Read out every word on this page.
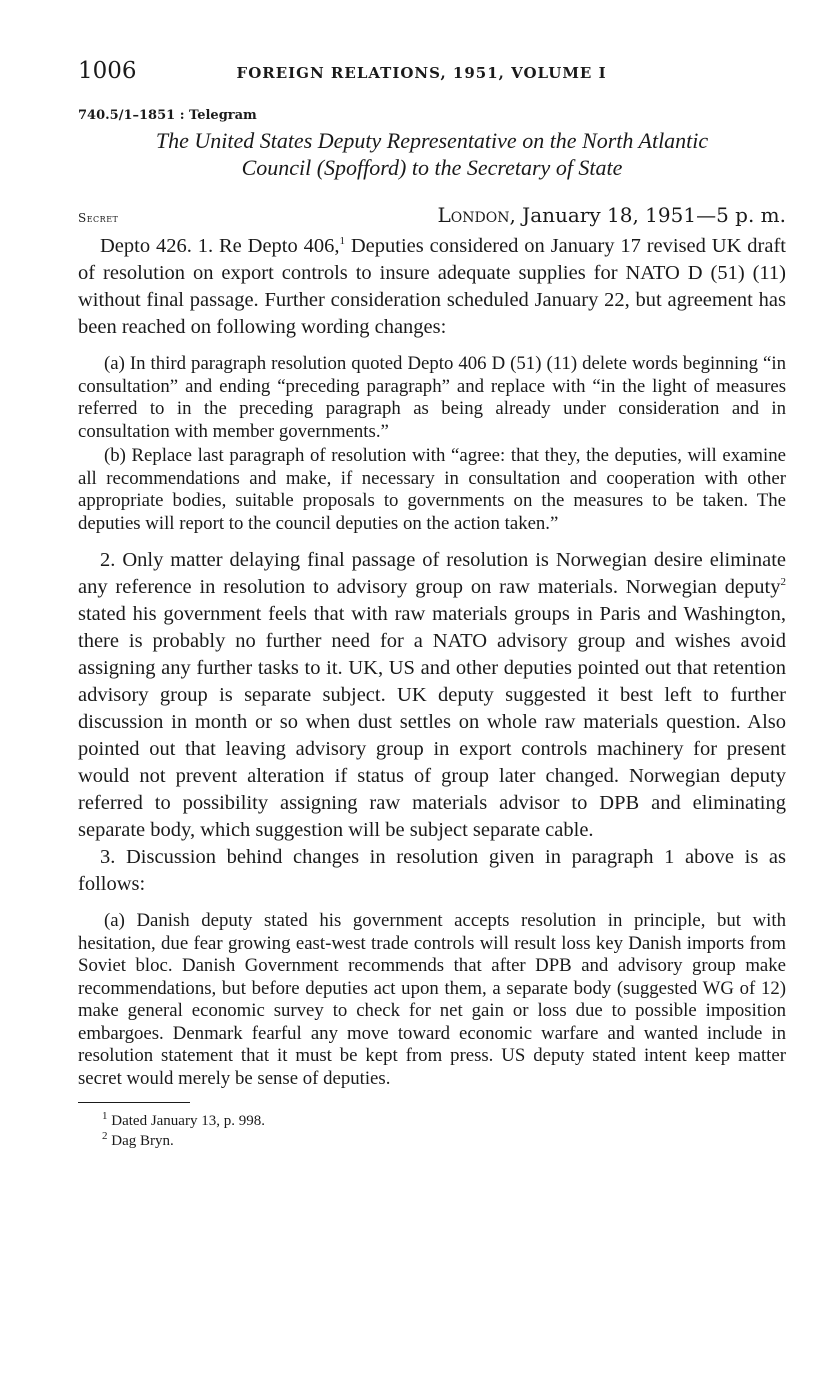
1006	FOREIGN RELATIONS, 1951, VOLUME I
740.5/1–1851 : Telegram
The United States Deputy Representative on the North Atlantic
Council (Spofford) to the Secretary of State
Secret	London, January 18, 1951—5 p. m.

Depto 426. 1. Re Depto 406,$^1$ Deputies considered on January 17 revised UK draft of resolution on export controls to insure adequate supplies for NATO D (51) (11) without final passage. Further consideration scheduled January 22, but agreement has been reached on following wording changes:

(a) In third paragraph resolution quoted Depto 406 D (51) (11) delete words beginning “in consultation” and ending “preceding paragraph” and replace with “in the light of measures referred to in the preceding paragraph as being already under consideration and in consultation with member governments.”

(b) Replace last paragraph of resolution with “agree: that they, the deputies, will examine all recommendations and make, if necessary in consultation and cooperation with other appropriate bodies, suitable proposals to governments on the measures to be taken. The deputies will report to the council deputies on the action taken.”

2. Only matter delaying final passage of resolution is Norwegian desire eliminate any reference in resolution to advisory group on raw materials. Norwegian deputy$^2$ stated his government feels that with raw materials groups in Paris and Washington, there is probably no further need for a NATO advisory group and wishes avoid assigning any further tasks to it. UK, US and other deputies pointed out that retention advisory group is separate subject. UK deputy suggested it best left to further discussion in month or so when dust settles on whole raw materials question. Also pointed out that leaving advisory group in export controls machinery for present would not prevent alteration if status of group later changed. Norwegian deputy referred to possibility assigning raw materials advisor to DPB and eliminating separate body, which suggestion will be subject separate cable.

3. Discussion behind changes in resolution given in paragraph 1 above is as follows:

(a) Danish deputy stated his government accepts resolution in principle, but with hesitation, due fear growing east-west trade controls will result loss key Danish imports from Soviet bloc. Danish Government recommends that after DPB and advisory group make recommendations, but before deputies act upon them, a separate body (suggested WG of 12) make general economic survey to check for net gain or loss due to possible imposition embargoes. Denmark fearful any move toward economic warfare and wanted include in resolution statement that it must be kept from press. US deputy stated intent keep matter secret would merely be sense of deputies.

$^1$ Dated January 13, p. 998.
$^2$ Dag Bryn.
